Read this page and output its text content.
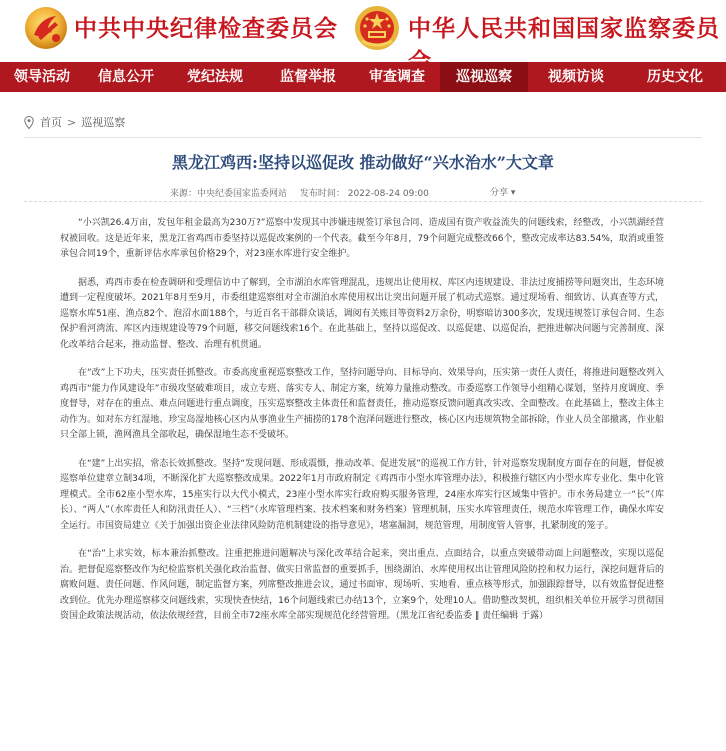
中共中央纪律检查委员会	中华人民共和国国家监察委员
领导活动	信息公开	党纪法规	监督举报	审查调查	巡视巡察	视频访谈	历史文化
首页 > 巡视巡察
黑龙江鸡西:坚持以巡促改 推动做好“兴水治水”大文章
来源：中央纪委国家监委网站 发布时间： 2022-08-24 09:00	分享 ▾

“小兴凯26.4万亩，发包年租金最高为230万?”巡察中发现其中涉嫌违规签订承包合同、造成国有资产收益流失的问题线索，经整改，小兴凯湖经营权被回收。这是近年来，黑龙江省鸡西市委坚持以巡促改案例的一个代表。截至今年8月，79个问题完成整改66个，整改完成率达83.54%，取消或重签承包合同19个，重新评估水库承包价格29个，对23座水库进行安全维护。

据悉，鸡西市委在检查调研和受理信访中了解到，全市湖泊水库管理混乱，违规出让使用权、库区内违规建设、非法过度捕捞等问题突出，生态环境遭到一定程度破坏。2021年8月至9月，市委组建巡察组对全市湖泊水库使用权出让突出问题开展了机动式巡察。通过现场看、细致访、认真查等方式，巡察水库51座、渔点82个、泡沼水面188个，与近百名干部群众谈话，调阅有关账目等资料2万余份，明察暗访300多次，发现违规签订承包合同、生态保护看河湾流、库区内违规建设等79个问题，移交问题线索16个。在此基础上，坚持以巡促改、以巡促建、以巡促治，把推进解决问题与完善制度、深化改革结合起来，推动监督、整改、治理有机贯通。

在“改”上下功夫，压实责任抓整改。市委高度重视巡察整改工作，坚持问题导向、目标导向、效果导向，压实第一责任人责任，将推进问题整改列入鸡西市“能力作风建设年”市级攻坚破难项目，成立专班、落实专人、制定方案，统筹力量推动整改。市委巡察工作领导小组精心谋划，坚持月度调度、季度督导，对存在的重点、难点问题进行重点调度，压实巡察整改主体责任和监督责任，推动巡察反馈问题真改实改、全面整改。在此基础上，整改主体主动作为。如对东方红湿地、珍宝岛湿地核心区内从事渔业生产捕捞的178个泡泽问题进行整改，核心区内违规筑物全部拆除，作业人员全部撤离，作业船只全部上锁，渔网渔具全部收起，确保湿地生态不受破坏。

在“建”上出实招，常态长效抓整改。坚持“发现问题、形成震慑，推动改革、促进发展”的巡视工作方针，针对巡察发现制度方面存在的问题，督促被巡察单位建章立制34项，不断深化扩大巡察整改成果。2022年1月市政府制定《鸡西市小型水库管理办法》，积极推行辖区内小型水库专业化、集中化管理模式。全市62座小型水库，15座实行以大代小模式，23座小型水库实行政府购买服务管理，24座水库实行区域集中管护。市水务局建立一“长”（库长）、“两人”（水库责任人和防汛责任人）、“三档”（水库管理档案、技术档案和财务档案）管理机制，压实水库管理责任，规范水库管理工作，确保水库安全运行。市国资局建立《关于加强出资企业法律风险防范机制建设的指导意见》，堵塞漏洞，规范管理，用制度管人管事，扎紧制度的笼子。

在“治”上求实效，标本兼治抓整改。注重把推进问题解决与深化改革结合起来，突出重点、点面结合，以重点突破带动面上问题整改，实现以巡促治。把督促巡察整改作为纪检监察机关强化政治监督、做实日常监督的重要抓手，围绕湖泊、水库使用权出让管理风险防控和权力运行，深挖问题背后的腐败问题、责任问题、作风问题，制定监督方案，列席整改推进会议，通过书面审、现场听、实地看、重点核等形式，加强跟踪督导，以有效监督促进整改到位。优先办理巡察移交问题线索，实现快查快结，16个问题线索已办结13个，立案9个，处理10人。借助整改契机，组织相关单位开展学习贯彻国资国企政策法规活动，依法依规经营，目前全市72座水库全部实现规范化经营管理。（黑龙江省纪委监委 ‖ 责任编辑 于露）
